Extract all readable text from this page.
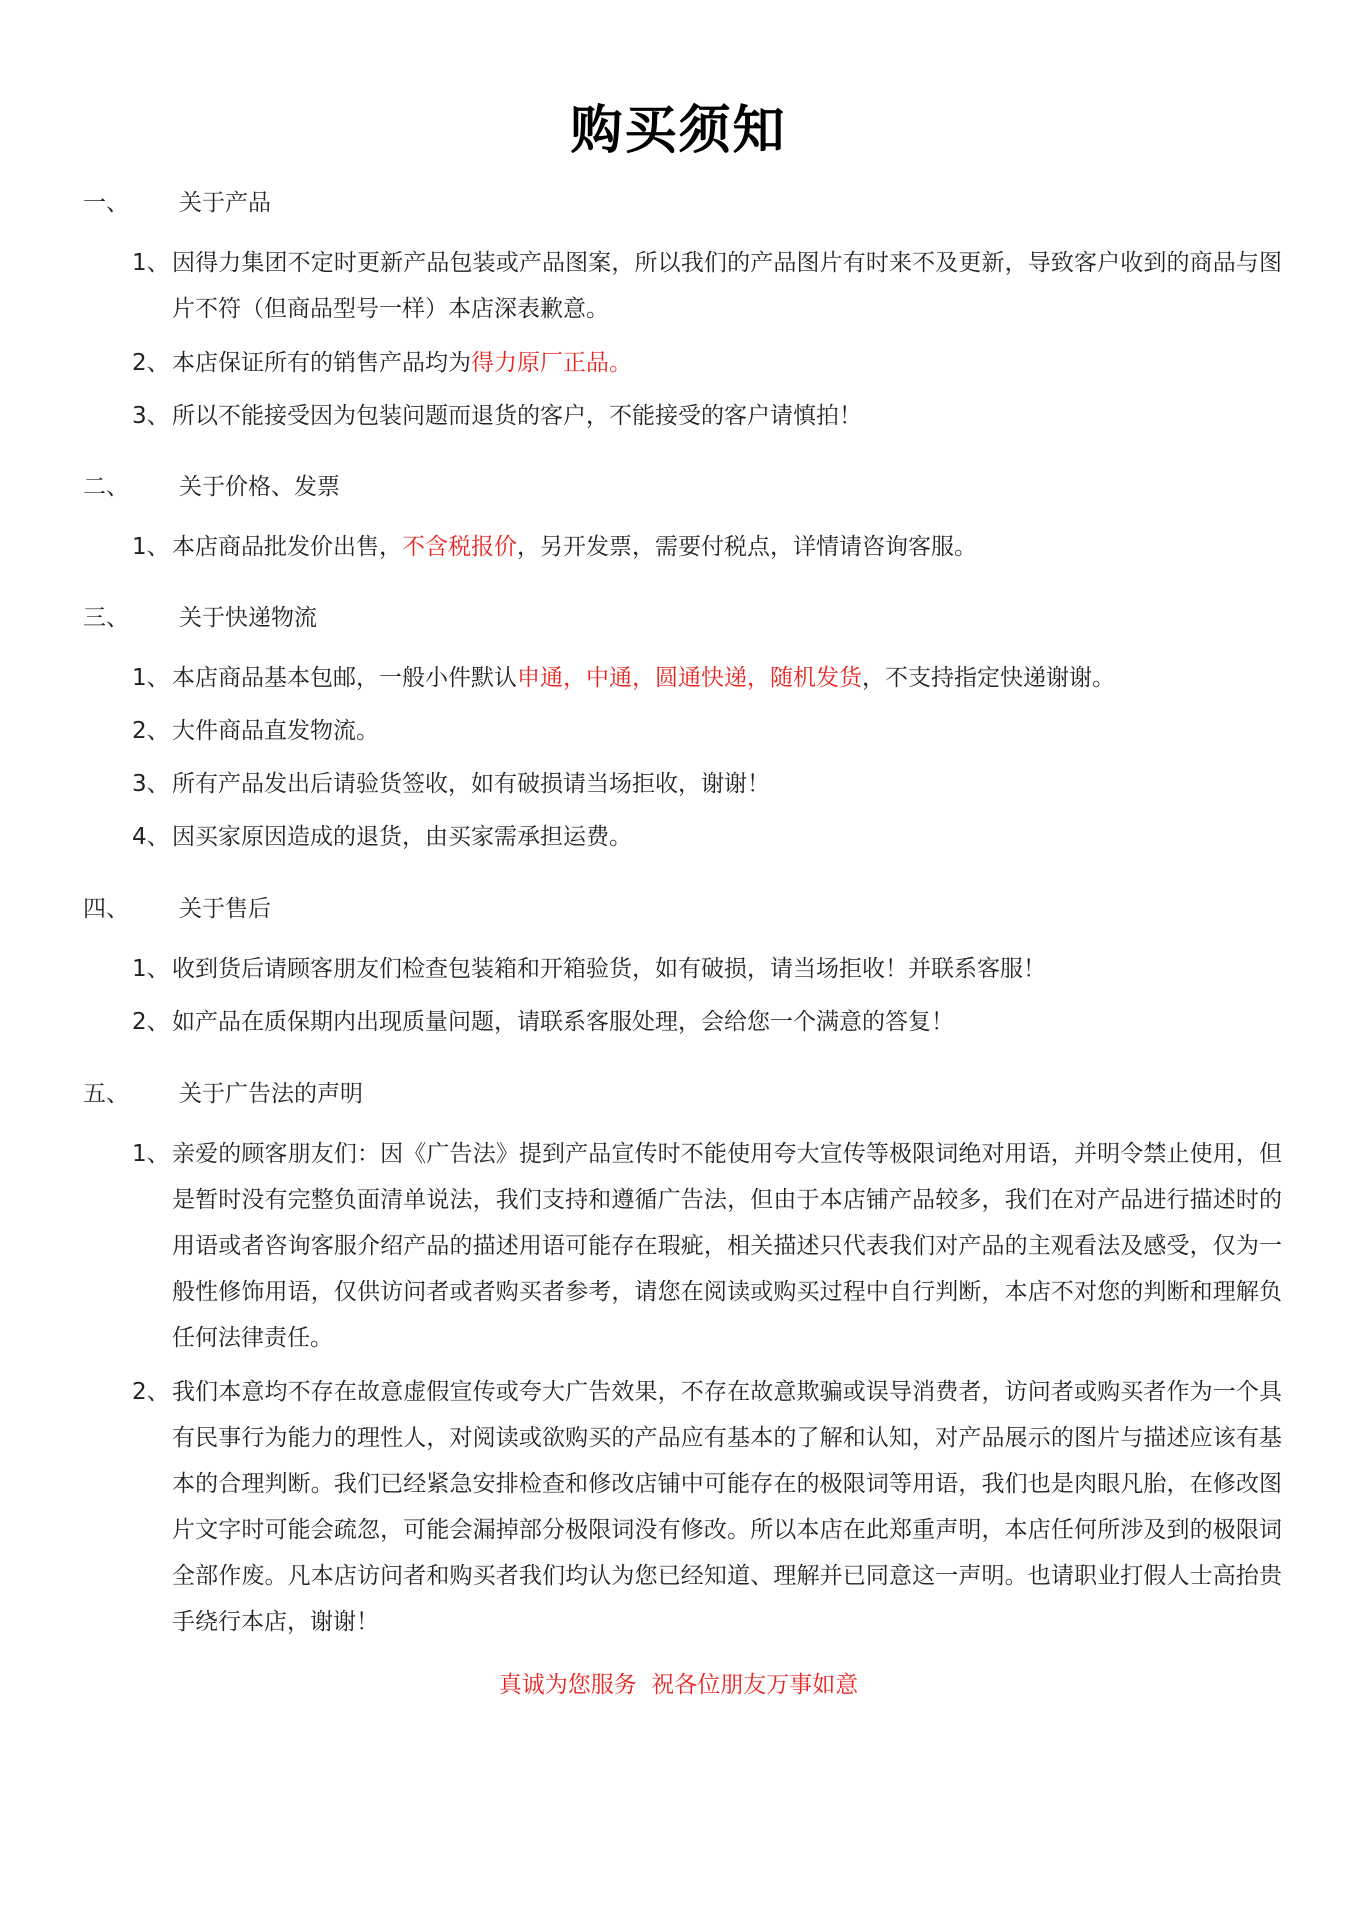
购买须知
一、 关于产品
1、 因得力集团不定时更新产品包装或产品图案，所以我们的产品图片有时来不及更新，导致客户收到的商品与图片不符（但商品型号一样）本店深表歉意。
2、 本店保证所有的销售产品均为得力原厂正品。
3、 所以不能接受因为包装问题而退货的客户，不能接受的客户请慎拍！
二、 关于价格、发票
1、 本店商品批发价出售，不含税报价，另开发票，需要付税点，详情请咨询客服。
三、 关于快递物流
1、 本店商品基本包邮，一般小件默认申通，中通，圆通快递，随机发货，不支持指定快递谢谢。
2、 大件商品直发物流。
3、 所有产品发出后请验货签收，如有破损请当场拒收，谢谢！
4、 因买家原因造成的退货，由买家需承担运费。
四、 关于售后
1、 收到货后请顾客朋友们检查包装箱和开箱验货，如有破损，请当场拒收！并联系客服！
2、 如产品在质保期内出现质量问题，请联系客服处理，会给您一个满意的答复！
五、 关于广告法的声明
1、 亲爱的顾客朋友们：因《广告法》提到产品宣传时不能使用夸大宣传等极限词绝对用语，并明令禁止使用，但是暂时没有完整负面清单说法，我们支持和遵循广告法，但由于本店铺产品较多，我们在对产品进行描述时的用语或者咨询客服介绍产品的描述用语可能存在瑕疵，相关描述只代表我们对产品的主观看法及感受，仅为一般性修饰用语，仅供访问者或者购买者参考，请您在阅读或购买过程中自行判断，本店不对您的判断和理解负任何法律责任。
2、 我们本意均不存在故意虚假宣传或夸大广告效果，不存在故意欺骗或误导消费者，访问者或购买者作为一个具有民事行为能力的理性人，对阅读或欲购买的产品应有基本的了解和认知，对产品展示的图片与描述应该有基本的合理判断。我们已经紧急安排检查和修改店铺中可能存在的极限词等用语，我们也是肉眼凡胎，在修改图片文字时可能会疏忽，可能会漏掉部分极限词没有修改。所以本店在此郑重声明，本店任何所涉及到的极限词全部作废。凡本店访问者和购买者我们均认为您已经知道、理解并已同意这一声明。也请职业打假人士高抬贵手绕行本店，谢谢！
真诚为您服务  祝各位朋友万事如意
